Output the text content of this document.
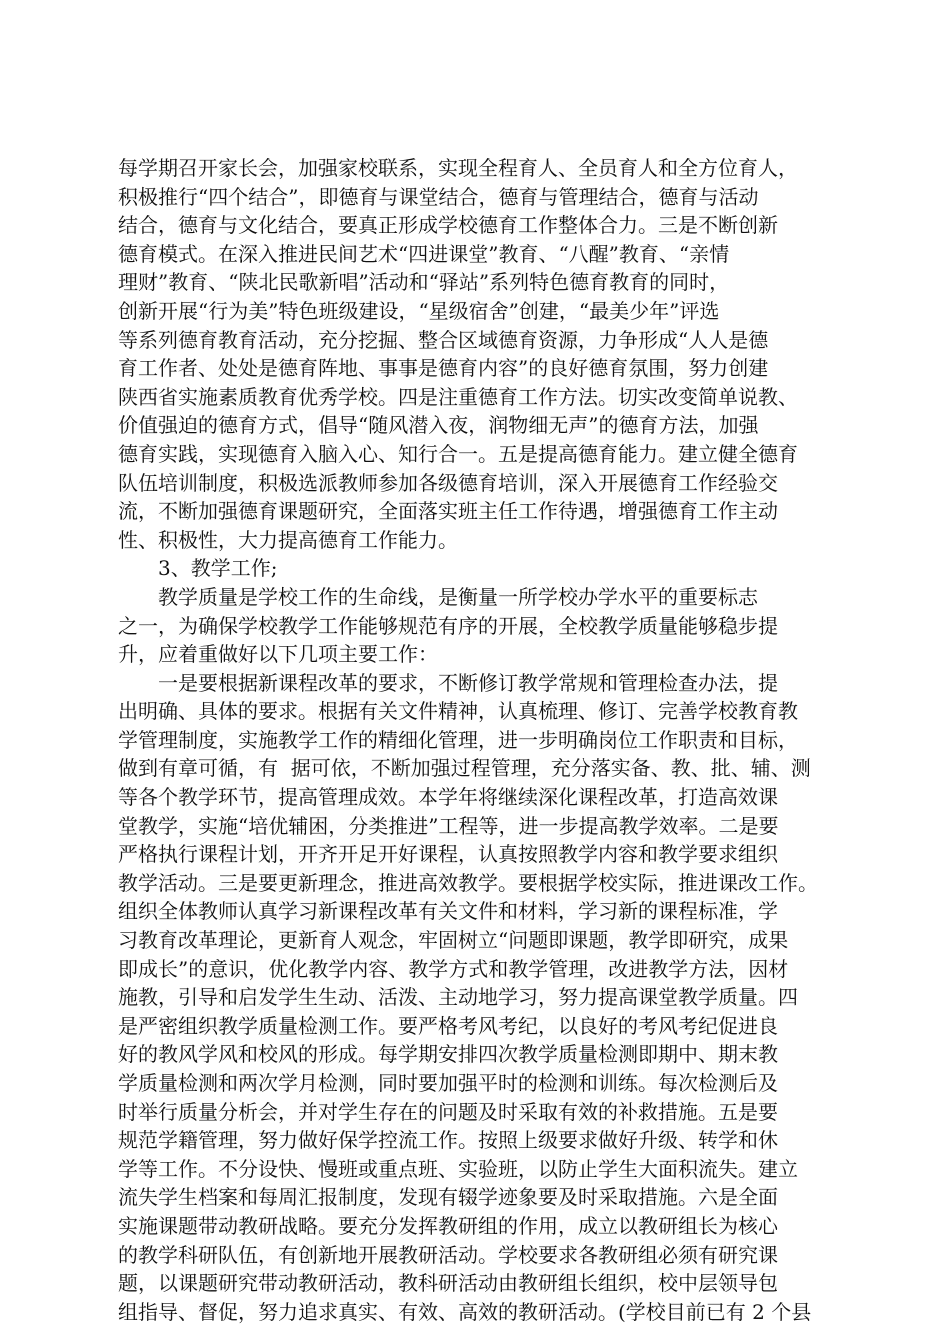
每学期召开家长会，加强家校联系，实现全程育人、全员育人和全方位育人，
积极推行“四个结合”，即德育与课堂结合，德育与管理结合，德育与活动
结合，德育与文化结合，要真正形成学校德育工作整体合力。三是不断创新
德育模式。在深入推进民间艺术“四进课堂”教育、“八醒”教育、“亲情
理财”教育、“陕北民歌新唱”活动和“驿站”系列特色德育教育的同时，
创新开展“行为美”特色班级建设，“星级宿舍”创建，“最美少年”评选
等系列德育教育活动，充分挖掘、整合区域德育资源，力争形成“人人是德
育工作者、处处是德育阵地、事事是德育内容”的良好德育氛围，努力创建
陕西省实施素质教育优秀学校。四是注重德育工作方法。切实改变简单说教、
价值强迫的德育方式，倡导“随风潜入夜，润物细无声”的德育方法，加强
德育实践，实现德育入脑入心、知行合一。五是提高德育能力。建立健全德育
队伍培训制度，积极选派教师参加各级德育培训，深入开展德育工作经验交
流，不断加强德育课题研究，全面落实班主任工作待遇，增强德育工作主动
性、积极性，大力提高德育工作能力。
　　3、教学工作;
　　教学质量是学校工作的生命线，是衡量一所学校办学水平的重要标志
之一，为确保学校教学工作能够规范有序的开展，全校教学质量能够稳步提
升，应着重做好以下几项主要工作：
　　一是要根据新课程改革的要求，不断修订教学常规和管理检查办法，提
出明确、具体的要求。根据有关文件精神，认真梳理、修订、完善学校教育教
学管理制度，实施教学工作的精细化管理，进一步明确岗位工作职责和目标，
做到有章可循，有  据可依，不断加强过程管理，充分落实备、教、批、辅、测
等各个教学环节，提高管理成效。本学年将继续深化课程改革，打造高效课
堂教学，实施“培优辅困，分类推进”工程等，进一步提高教学效率。二是要
严格执行课程计划，开齐开足开好课程，认真按照教学内容和教学要求组织
教学活动。三是要更新理念，推进高效教学。要根据学校实际，推进课改工作。
组织全体教师认真学习新课程改革有关文件和材料，学习新的课程标准，学
习教育改革理论，更新育人观念，牢固树立“问题即课题，教学即研究，成果
即成长”的意识，优化教学内容、教学方式和教学管理，改进教学方法，因材
施教，引导和启发学生生动、活泼、主动地学习，努力提高课堂教学质量。四
是严密组织教学质量检测工作。要严格考风考纪，以良好的考风考纪促进良
好的教风学风和校风的形成。每学期安排四次教学质量检测即期中、期末教
学质量检测和两次学月检测，同时要加强平时的检测和训练。每次检测后及
时举行质量分析会，并对学生存在的问题及时采取有效的补救措施。五是要
规范学籍管理，努力做好保学控流工作。按照上级要求做好升级、转学和休
学等工作。不分设快、慢班或重点班、实验班，以防止学生大面积流失。建立
流失学生档案和每周汇报制度，发现有辍学迹象要及时采取措施。六是全面
实施课题带动教研战略。要充分发挥教研组的作用，成立以教研组长为核心
的教学科研队伍，有创新地开展教研活动。学校要求各教研组必须有研究课
题，以课题研究带动教研活动，教科研活动由教研组长组织，校中层领导包
组指导、督促，努力追求真实、有效、高效的教研活动。(学校目前已有 2 个县
